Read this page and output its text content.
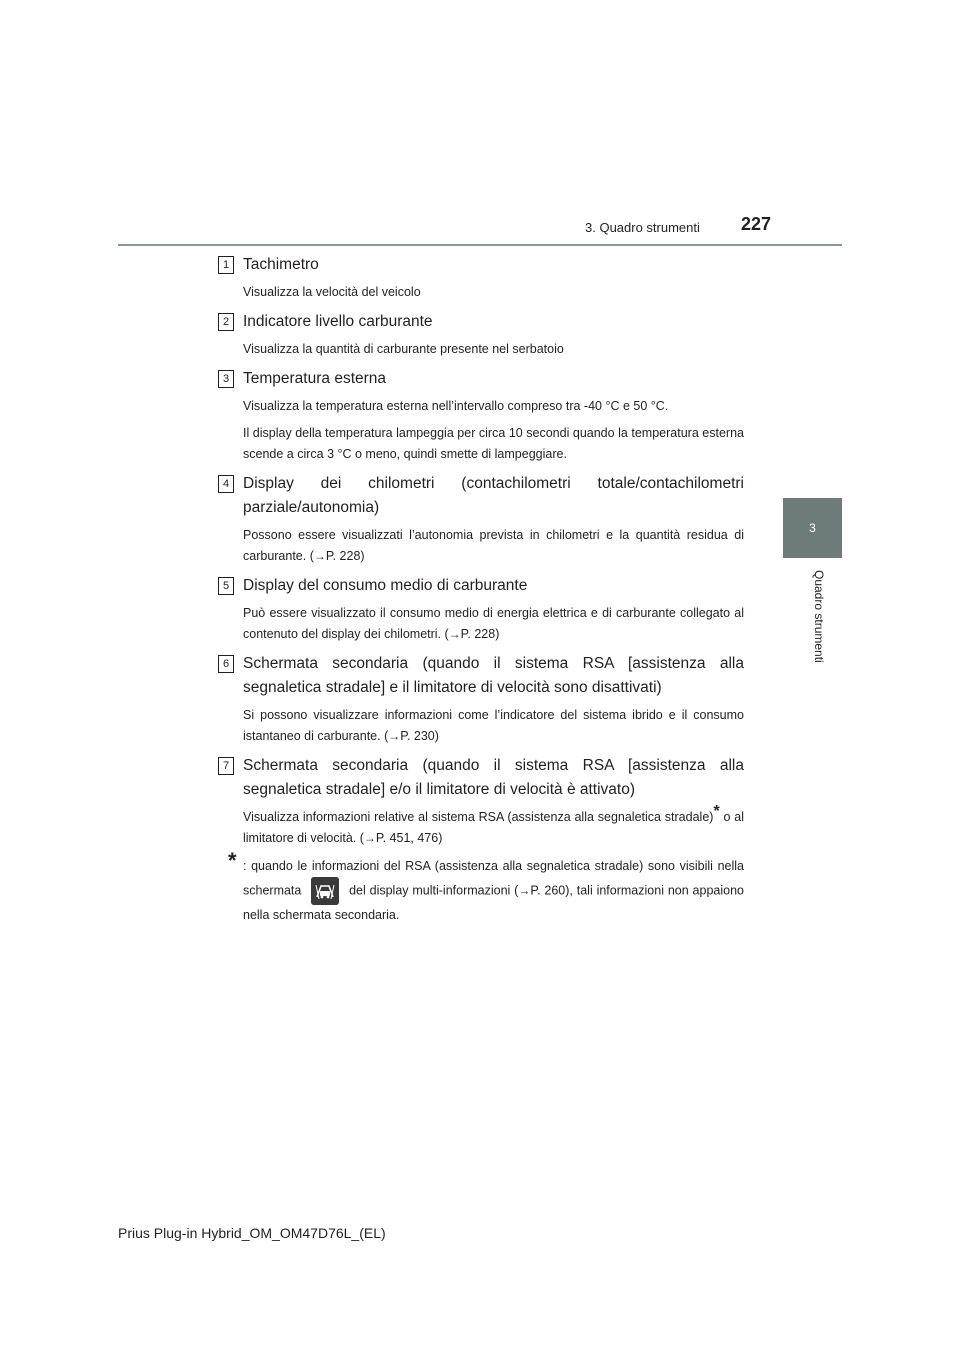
3. Quadro strumenti 227
3
Quadro strumenti
1 Tachimetro

Visualizza la velocità del veicolo

2 Indicatore livello carburante

Visualizza la quantità di carburante presente nel serbatoio

3 Temperatura esterna

Visualizza la temperatura esterna nell’intervallo compreso tra -40 °C e 50 °C.

Il display della temperatura lampeggia per circa 10 secondi quando la temperatura esterna scende a circa 3 °C o meno, quindi smette di lampeggiare.

4 Display dei chilometri (contachilometri totale/contachilometri parziale/autonomia)

Possono essere visualizzati l’autonomia prevista in chilometri e la quantità residua di carburante. (→P. 228)

5 Display del consumo medio di carburante

Può essere visualizzato il consumo medio di energia elettrica e di carburante collegato al contenuto del display dei chilometri. (→P. 228)

6 Schermata secondaria (quando il sistema RSA [assistenza alla segnaletica stradale] e il limitatore di velocità sono disattivati)

Si possono visualizzare informazioni come l’indicatore del sistema ibrido e il consumo istantaneo di carburante. (→P. 230)

7 Schermata secondaria (quando il sistema RSA [assistenza alla segnaletica stradale] e/o il limitatore di velocità è attivato)

Visualizza informazioni relative al sistema RSA (assistenza alla segnaletica stradale)* o al limitatore di velocità. (→P. 451, 476)

* : quando le informazioni del RSA (assistenza alla segnaletica stradale) sono visibili nella schermata	del display multi-informazioni (→P. 260), tali informazioni non appaiono nella schermata secondaria.

Prius Plug-in Hybrid_OM_OM47D76L_(EL)
